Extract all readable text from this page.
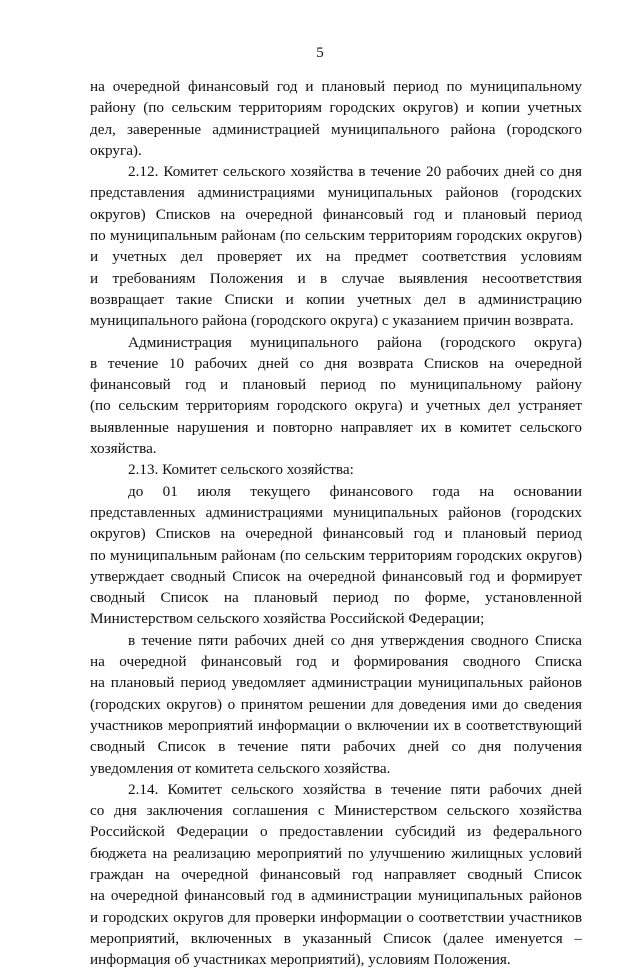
5
на очередной финансовый год и плановый период по муниципальному
району (по сельским территориям городских округов) и копии учетных
дел, заверенные администрацией муниципального района (городского
округа).
2.12. Комитет сельского хозяйства в течение 20 рабочих дней со дня
представления администрациями муниципальных районов (городских
округов) Списков на очередной финансовый год и плановый период
по муниципальным районам (по сельским территориям городских округов)
и учетных дел проверяет их на предмет соответствия условиям
и требованиям Положения и в случае выявления несоответствия
возвращает такие Списки и копии учетных дел в администрацию
муниципального района (городского округа) с указанием причин возврата.
Администрация муниципального района (городского округа)
в течение 10 рабочих дней со дня возврата Списков на очередной
финансовый год и плановый период по муниципальному району
(по сельским территориям городского округа) и учетных дел устраняет
выявленные нарушения и повторно направляет их в комитет сельского
хозяйства.
2.13. Комитет сельского хозяйства:
до 01 июля текущего финансового года на основании
представленных администрациями муниципальных районов (городских
округов) Списков на очередной финансовый год и плановый период
по муниципальным районам (по сельским территориям городских округов)
утверждает сводный Список на очередной финансовый год и формирует
сводный Список на плановый период по форме, установленной
Министерством сельского хозяйства Российской Федерации;
в течение пяти рабочих дней со дня утверждения сводного Списка
на очередной финансовый год и формирования сводного Списка
на плановый период уведомляет администрации муниципальных районов
(городских округов) о принятом решении для доведения ими до сведения
участников мероприятий информации о включении их в соответствующий
сводный Список в течение пяти рабочих дней со дня получения
уведомления от комитета сельского хозяйства.
2.14. Комитет сельского хозяйства в течение пяти рабочих дней
со дня заключения соглашения с Министерством сельского хозяйства
Российской Федерации о предоставлении субсидий из федерального
бюджета на реализацию мероприятий по улучшению жилищных условий
граждан на очередной финансовый год направляет сводный Список
на очередной финансовый год в администрации муниципальных районов
и городских округов для проверки информации о соответствии участников
мероприятий, включенных в указанный Список (далее именуется –
информация об участниках мероприятий), условиям Положения.
